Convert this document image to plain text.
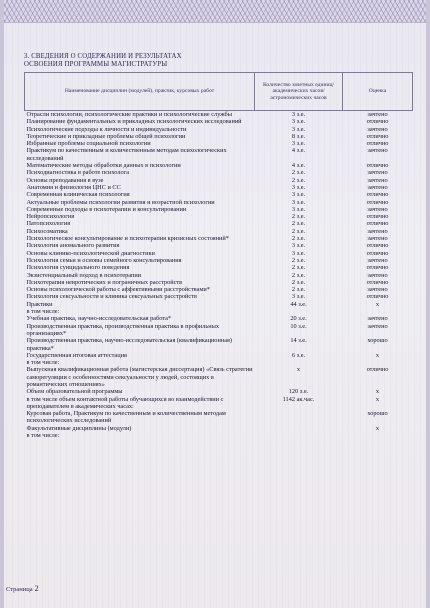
3. СВЕДЕНИЯ О СОДЕРЖАНИИ И РЕЗУЛЬТАТАХ
ОСВОЕНИЯ ПРОГРАММЫ МАГИСТРАТУРЫ
Наименование дисциплин (модулей), практик, курсовых работ	Количество зачетных единиц/академических часов/астрономических часов	Оценка
Отрасли психологии, психологические практики и психологические службы	3 з.е.	зачтено
Планирование фундаментальных и прикладных психологических исследований	3 з.е.	отлично
Психологические подходы к личности и индивидуальности	3 з.е.	зачтено
Теоретические и прикладные проблемы общей психологии	8 з.е.	отлично
Избранные проблемы социальной психологии	3 з.е.	отлично
Практикум по качественным и количественным методам психологических исследований	4 з.е.	зачтено
Математические методы обработки данных в психологии	4 з.е.	отлично
Психодиагностика в работе психолога	2 з.е.	зачтено
Основы преподавания в вузе	2 з.е.	зачтено
Анатомия и физиология ЦНС и СС	3 з.е.	зачтено
Современная клиническая психология	3 з.е.	отлично
Актуальные проблемы психологии развития и возрастной психологии	3 з.е.	отлично
Современные подходы в психотерапии и консультировании	3 з.е.	зачтено
Нейропсихология	2 з.е.	отлично
Патопсихология	2 з.е.	отлично
Психосоматика	2 з.е.	зачтено
Психологическое консультирование и психотерапия кризисных состояний*	2 з.е.	зачтено
Психология аномального развития	3 з.е.	отлично
Основы клинико-психологической диагностики	3 з.е.	отлично
Психология семьи и основы семейного консультирования	2 з.е.	зачтено
Психология суицидального поведения	2 з.е.	отлично
Экзистенциальный подход в психотерапии	2 з.е.	зачтено
Психотерапия невротических и пограничных расстройств	2 з.е.	отлично
Основы психологической работы с аффективными расстройствами*	2 з.е.	зачтено
Психология сексуальности и клиника сексуальных расстройств	3 з.е.	отлично
Практики	44 з.е.	x
в том числе:		
Учебная практика, научно-исследовательская работа*	20 з.е.	зачтено
Производственная практика, производственная практика в профильных организациях*	10 з.е.	зачтено
Производственная практика, научно-исследовательская (квалификационная) практика*	14 з.е.	хорошо
Государственная итоговая аттестация	6 з.е.	x
в том числе:		
Выпускная квалификационная работа (магистерская диссертация) «Связь стратегии саморегуляции с особенностями сексуальности у людей, состоящих в романтических отношениях»	x	отлично
Объем образовательной программы	120 з.е.	x
в том числе объем контактной работы обучающихся во взаимодействии с преподавателем в академических часах:	1142 ак.час.	x
Курсовая работа, Практикум по качественным и количественным методам психологических исследований		хорошо
Факультативные дисциплины (модули)		x
в том числе:		
Страница 2
